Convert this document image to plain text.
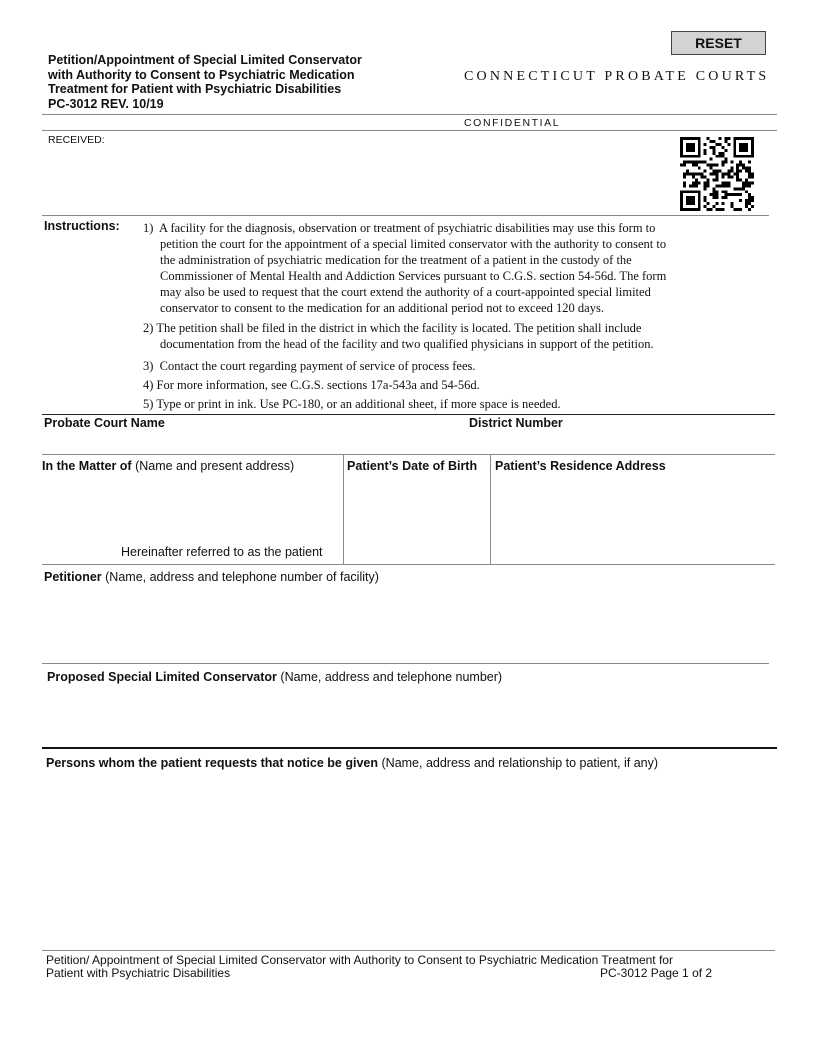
RESET
Petition/Appointment of Special Limited Conservator
with Authority to Consent to Psychiatric Medication
Treatment for Patient with Psychiatric Disabilities
PC-3012 REV. 10/19
CONNECTICUT PROBATE COURTS
CONFIDENTIAL
RECEIVED:
Instructions: 1) A facility for the diagnosis, observation or treatment of psychiatric disabilities may use this form to
petition the court for the appointment of a special limited conservator with the authority to consent to
the administration of psychiatric medication for the treatment of a patient in the custody of the
Commissioner of Mental Health and Addiction Services pursuant to C.G.S. section 54-56d. The form
may also be used to request that the court extend the authority of a court-appointed special limited
conservator to consent to the medication for an additional period not to exceed 120 days.
2) The petition shall be filed in the district in which the facility is located. The petition shall include
documentation from the head of the facility and two qualified physicians in support of the petition.
3) Contact the court regarding payment of service of process fees.
4) For more information, see C.G.S. sections 17a-543a and 54-56d.
5) Type or print in ink. Use PC-180, or an additional sheet, if more space is needed.
Probate Court Name	District Number
In the Matter of (Name and present address)
Hereinafter referred to as the patient
Patient’s Date of Birth Patient’s Residence Address
Petitioner (Name, address and telephone number of facility)
Proposed Special Limited Conservator (Name, address and telephone number)
Persons whom the patient requests that notice be given (Name, address and relationship to patient, if any)
Petition/ Appointment of Special Limited Conservator with Authority to Consent to Psychiatric Medication Treatment for
Patient with Psychiatric Disabilities	PC-3012 Page 1 of 2
